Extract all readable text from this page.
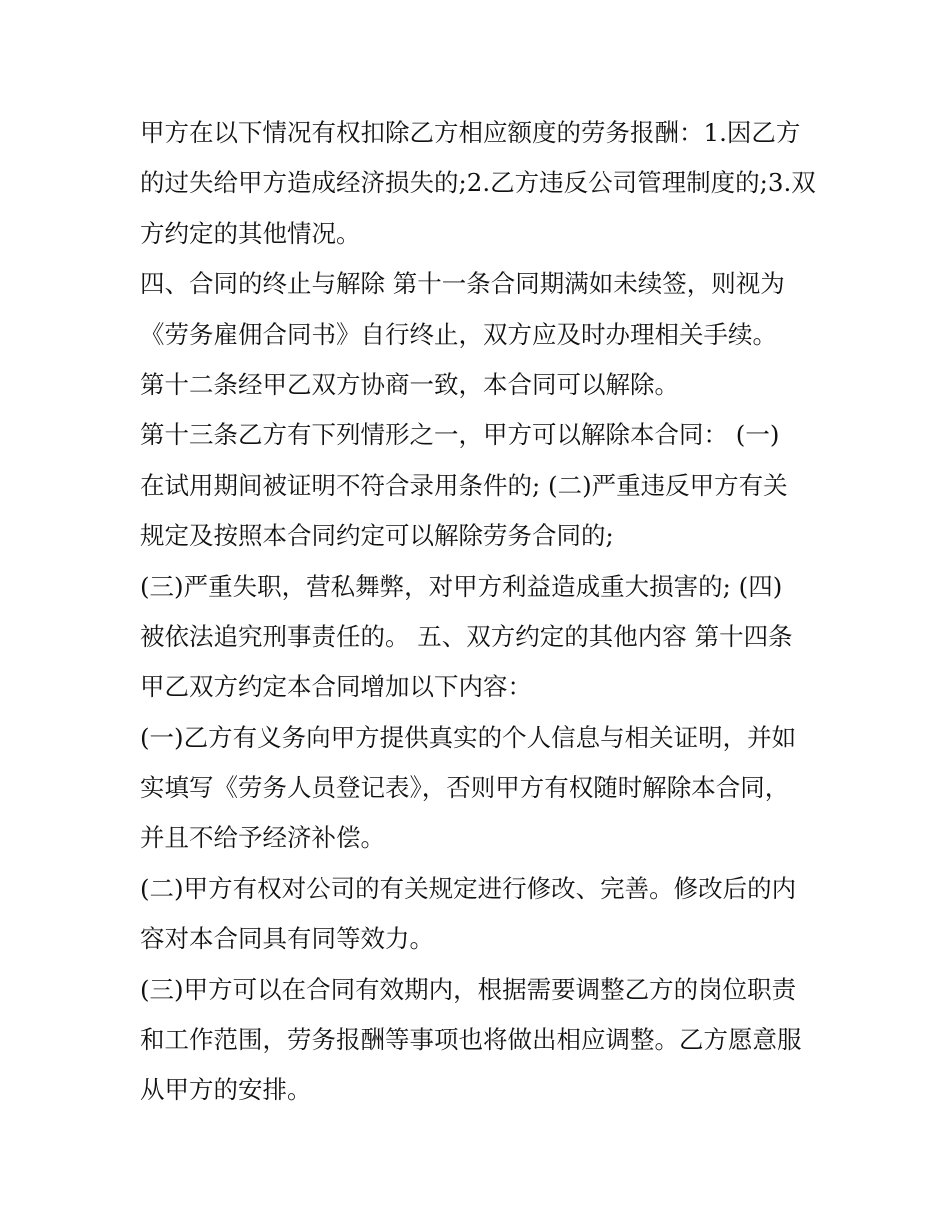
甲方在以下情况有权扣除乙方相应额度的劳务报酬：1.因乙方
的过失给甲方造成经济损失的;2.乙方违反公司管理制度的;3.双
方约定的其他情况。
四、合同的终止与解除 第十一条合同期满如未续签，则视为
《劳务雇佣合同书》自行终止，双方应及时办理相关手续。
第十二条经甲乙双方协商一致，本合同可以解除。
第十三条乙方有下列情形之一，甲方可以解除本合同： (一)
在试用期间被证明不符合录用条件的; (二)严重违反甲方有关
规定及按照本合同约定可以解除劳务合同的;
(三)严重失职，营私舞弊，对甲方利益造成重大损害的; (四)
被依法追究刑事责任的。 五、双方约定的其他内容 第十四条
甲乙双方约定本合同增加以下内容：
(一)乙方有义务向甲方提供真实的个人信息与相关证明，并如
实填写《劳务人员登记表》，否则甲方有权随时解除本合同，
并且不给予经济补偿。
(二)甲方有权对公司的有关规定进行修改、完善。修改后的内
容对本合同具有同等效力。
(三)甲方可以在合同有效期内，根据需要调整乙方的岗位职责
和工作范围，劳务报酬等事项也将做出相应调整。乙方愿意服
从甲方的安排。
